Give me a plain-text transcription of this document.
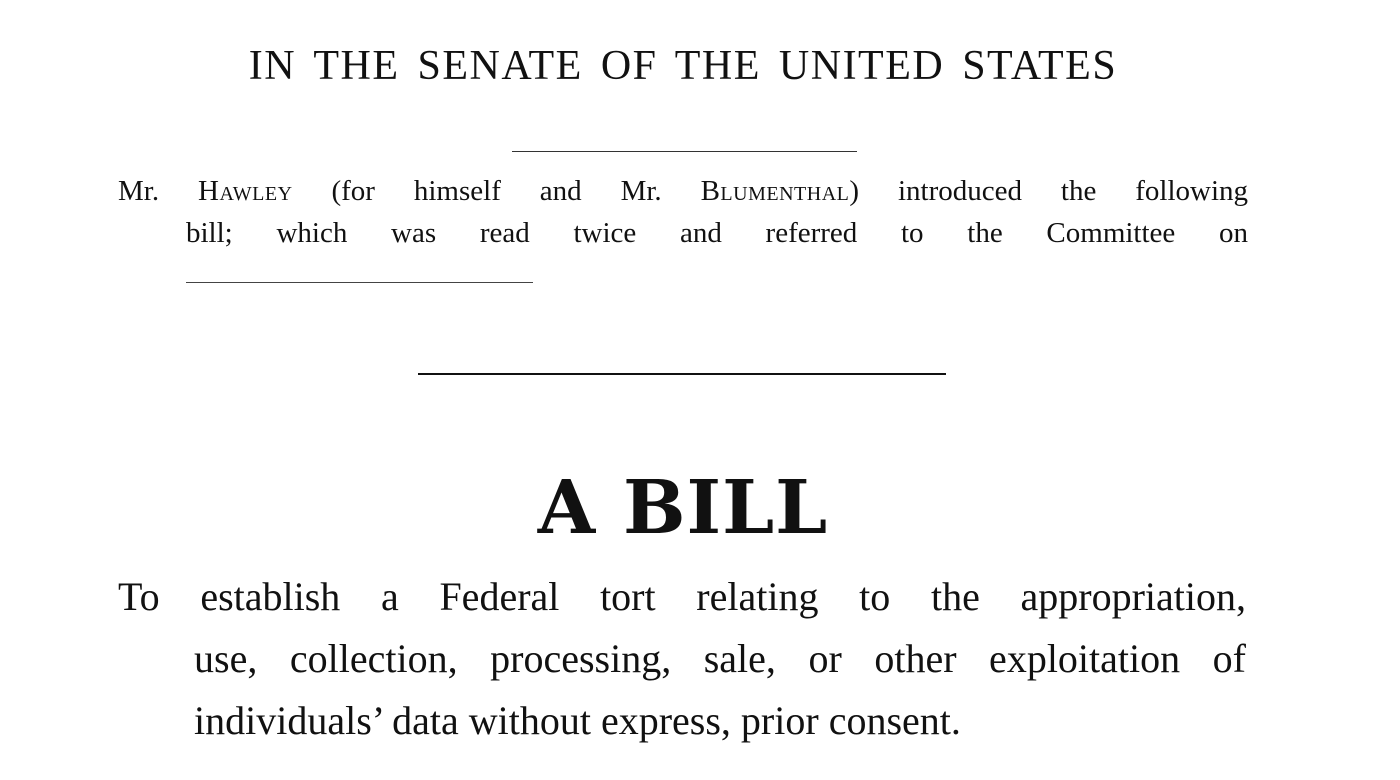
IN THE SENATE OF THE UNITED STATES
Mr. Hawley (for himself and Mr. Blumenthal) introduced the following
bill; which was read twice and referred to the Committee on
A BILL
To establish a Federal tort relating to the appropriation,
use, collection, processing, sale, or other exploitation of
individuals’ data without express, prior consent.
